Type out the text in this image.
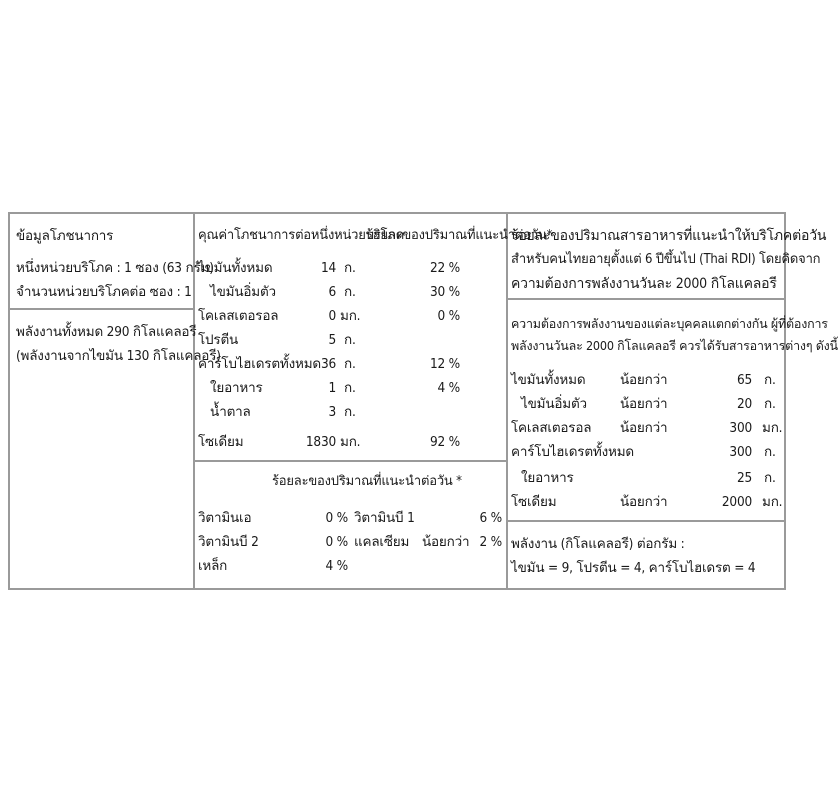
ข้อมูลโภชนาการ
หนึ่งหน่วยบริโภค : 1 ซอง (63 กรัม)
จำนวนหน่วยบริโภคต่อ ซอง : 1
พลังงานทั้งหมด 290 กิโลแคลอรี
(พลังงานจากไขมัน 130 กิโลแคลอรี)
คุณค่าโภชนาการต่อหนึ่งหน่วยบริโภค
ร้อยละของปริมาณที่แนะนำต่อวัน*
ไขมันทั้งหมด	14 ก.	22 %
ไขมันอิ่มตัว	6 ก.	30 %
โคเลสเตอรอล	0 มก.	0 %
โปรตีน	5 ก.
คาร์โบไฮเดรตทั้งหมด 36 ก.	12 %
ใยอาหาร	1 ก.	4 %
น้ำตาล	3 ก.
โซเดียม	1830 มก.	92 %
ร้อยละของปริมาณที่แนะนำต่อวัน *
วิตามินเอ	0 % วิตามินบี 1	6 %
วิตามินบี 2	0 % แคลเซียม น้อยกว่า 2 %
เหล็ก	4 %
ร้อยละของปริมาณสารอาหารที่แนะนำให้บริโภคต่อวัน
สำหรับคนไทยอายุตั้งแต่ 6 ปีขึ้นไป (Thai RDI) โดยคิดจาก
ความต้องการพลังงานวันละ 2000 กิโลแคลอรี
ความต้องการพลังงานของแต่ละบุคคลแตกต่างกัน ผู้ที่ต้องการ
พลังงานวันละ 2000 กิโลแคลอรี ควรได้รับสารอาหารต่างๆ ดังนี้
ไขมันทั้งหมด	น้อยกว่า	65 ก.
ไขมันอิ่มตัว น้อยกว่า	20 ก.
โคเลสเตอรอล น้อยกว่า	300 มก.
คาร์โบไฮเดรตทั้งหมด	300 ก.
ใยอาหาร	25 ก.
โซเดียม	น้อยกว่า	2000 มก.
พลังงาน (กิโลแคลอรี) ต่อกรัม :
ไขมัน = 9, โปรตีน = 4, คาร์โบไฮเดรต = 4
